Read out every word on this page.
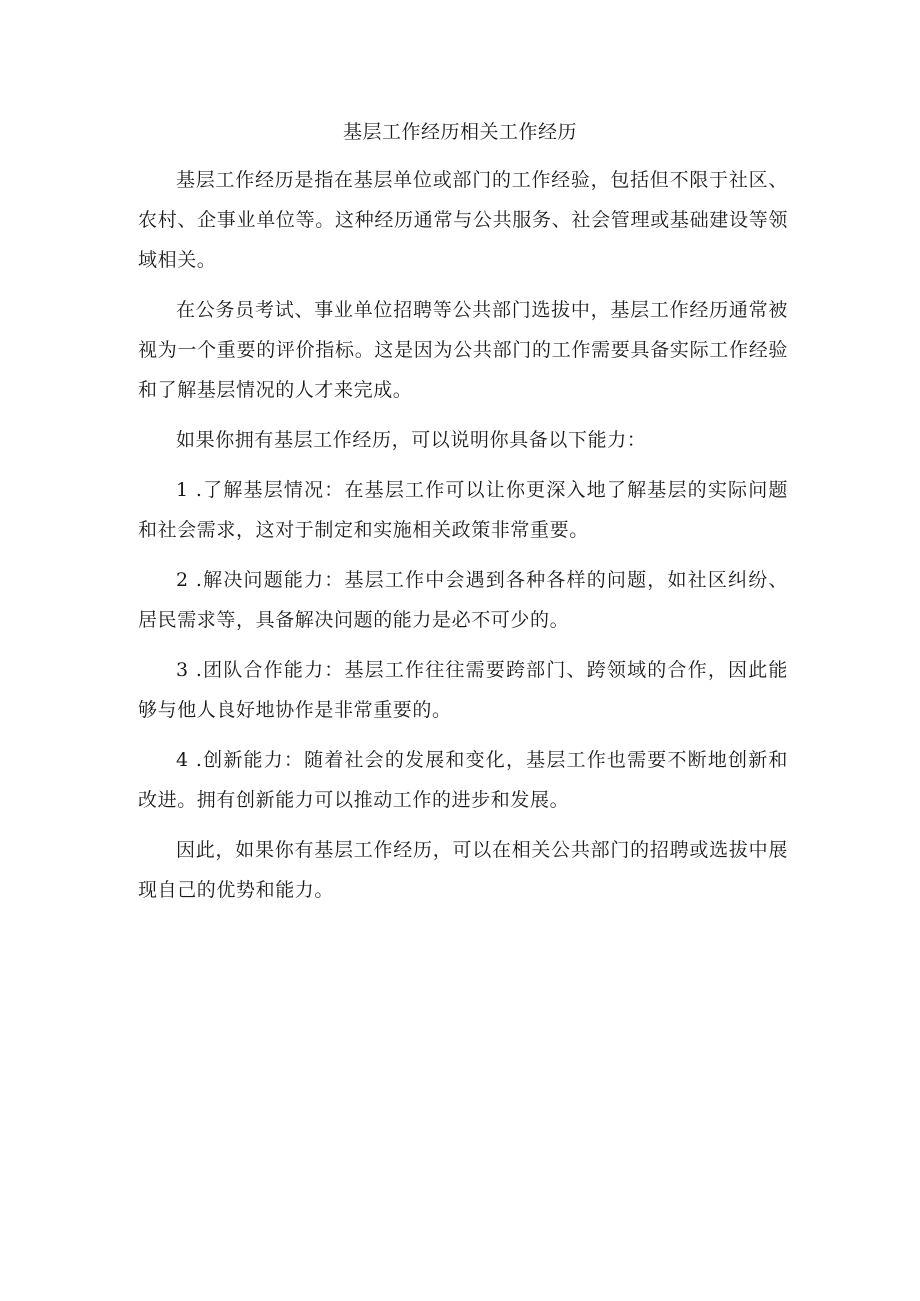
基层工作经历相关工作经历

基层工作经历是指在基层单位或部门的工作经验，包括但不限于社区、农村、企事业单位等。这种经历通常与公共服务、社会管理或基础建设等领域相关。

在公务员考试、事业单位招聘等公共部门选拔中，基层工作经历通常被视为一个重要的评价指标。这是因为公共部门的工作需要具备实际工作经验和了解基层情况的人才来完成。

如果你拥有基层工作经历，可以说明你具备以下能力：

1 .了解基层情况：在基层工作可以让你更深入地了解基层的实际问题和社会需求，这对于制定和实施相关政策非常重要。

2 .解决问题能力：基层工作中会遇到各种各样的问题，如社区纠纷、居民需求等，具备解决问题的能力是必不可少的。

3 .团队合作能力：基层工作往往需要跨部门、跨领域的合作，因此能够与他人良好地协作是非常重要的。

4 .创新能力：随着社会的发展和变化，基层工作也需要不断地创新和改进。拥有创新能力可以推动工作的进步和发展。

因此，如果你有基层工作经历，可以在相关公共部门的招聘或选拔中展现自己的优势和能力。
